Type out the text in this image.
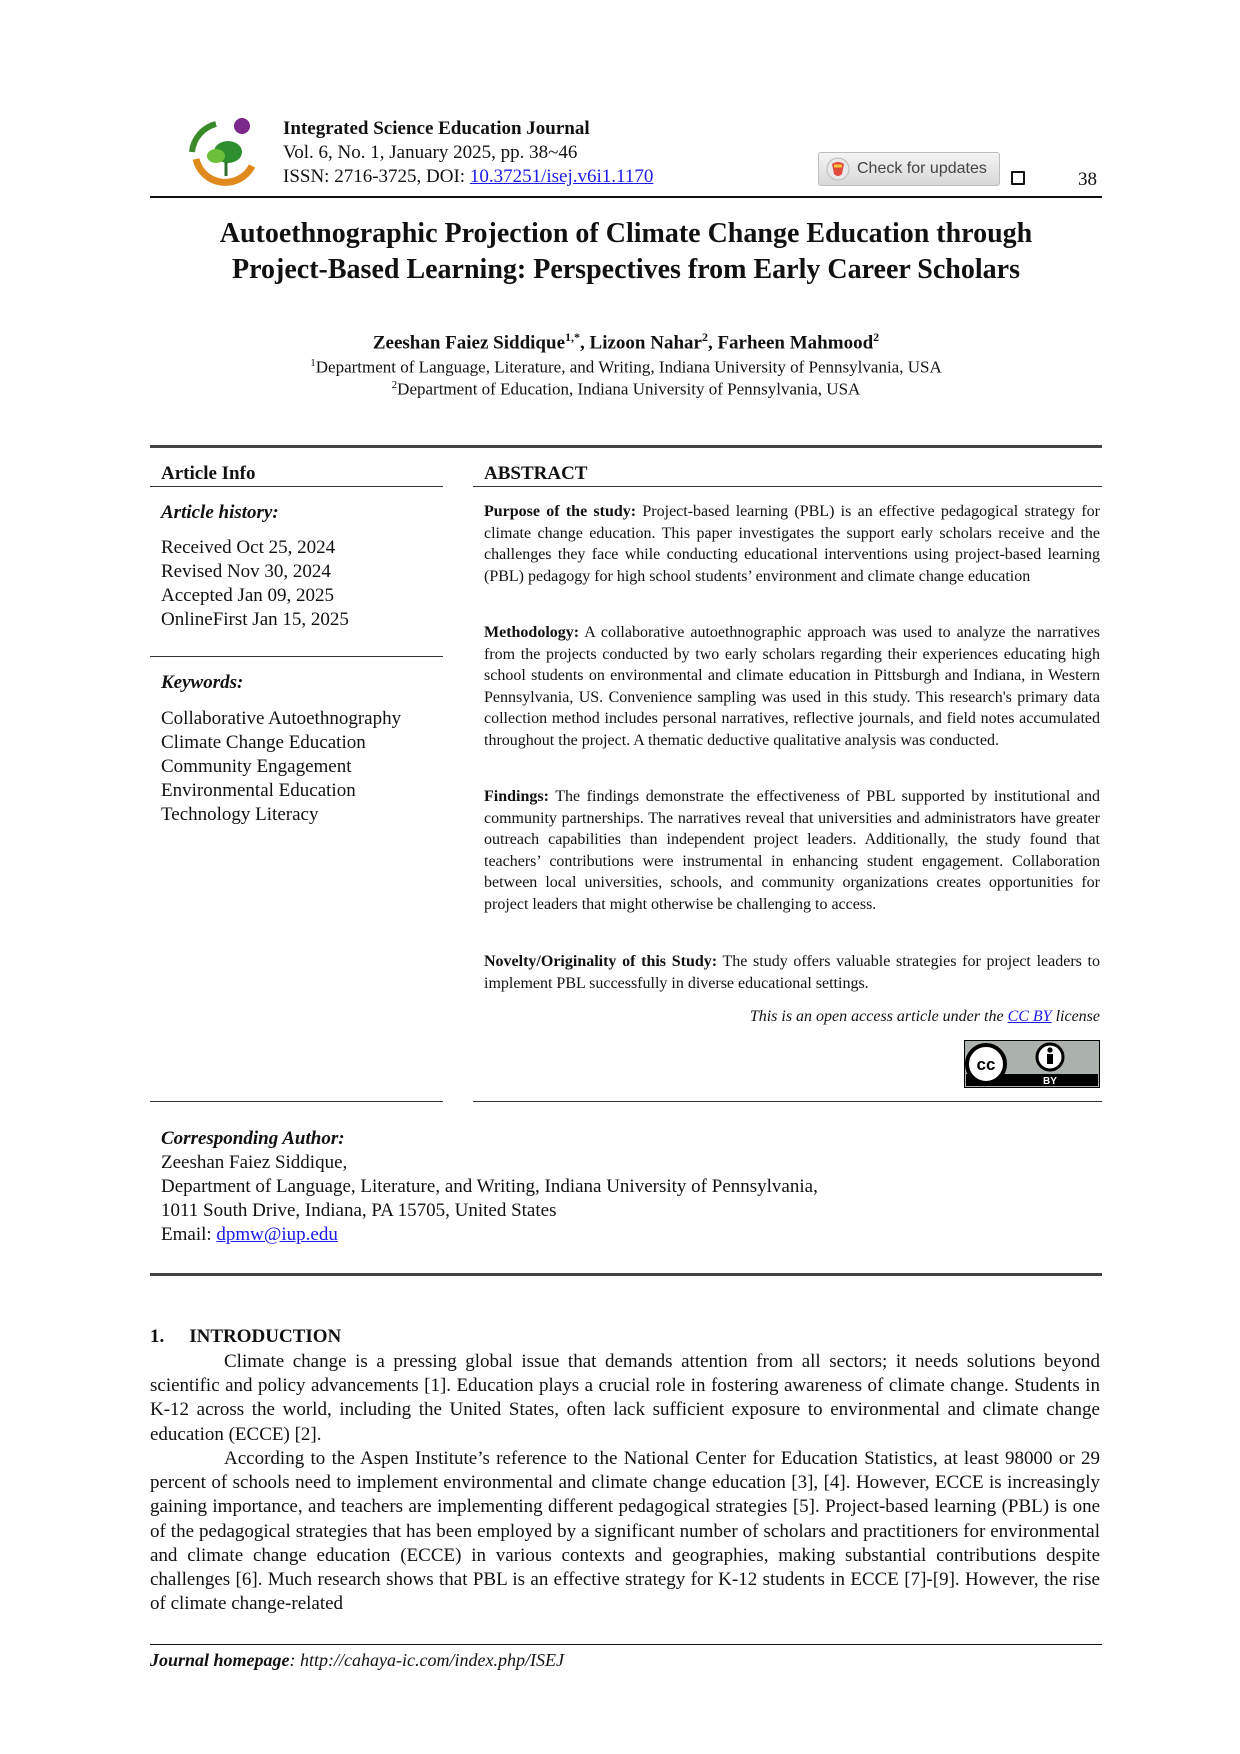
Integrated Science Education Journal
Vol. 6, No. 1, January 2025, pp. 38~46
ISSN: 2716-3725, DOI: 10.37251/isej.v6i1.1170	Check for updates
38
Autoethnographic Projection of Climate Change Education through
Project-Based Learning: Perspectives from Early Career Scholars
Zeeshan Faiez Siddique$^{1,*}$, Lizoon Nahar$^2$, Farheen Mahmood$^2$
$^1$Department of Language, Literature, and Writing, Indiana University of Pennsylvania, USA
$^2$Department of Education, Indiana University of Pennsylvania, USA
Article Info	ABSTRACT
Article history:
Received Oct 25, 2024
Revised Nov 30, 2024
Accepted Jan 09, 2025
OnlineFirst Jan 15, 2025
Keywords:
Collaborative Autoethnography
Climate Change Education
Community Engagement
Environmental Education
Technology Literacy
Purpose of the study: Project-based learning (PBL) is an effective pedagogical strategy for climate change education. This paper investigates the support early scholars receive and the challenges they face while conducting educational interventions using project-based learning (PBL) pedagogy for high school students’ environment and climate change education
Methodology: A collaborative autoethnographic approach was used to analyze the narratives from the projects conducted by two early scholars regarding their experiences educating high school students on environmental and climate education in Pittsburgh and Indiana, in Western Pennsylvania, US. Convenience sampling was used in this study. This research's primary data collection method includes personal narratives, reflective journals, and field notes accumulated throughout the project. A thematic deductive qualitative analysis was conducted.
Findings: The findings demonstrate the effectiveness of PBL supported by institutional and community partnerships. The narratives reveal that universities and administrators have greater outreach capabilities than independent project leaders. Additionally, the study found that teachers’ contributions were instrumental in enhancing student engagement. Collaboration between local universities, schools, and community organizations creates opportunities for project leaders that might otherwise be challenging to access.
Novelty/Originality of this Study: The study offers valuable strategies for project leaders to implement PBL successfully in diverse educational settings.
This is an open access article under the CC BY license
cc
BY
Corresponding Author:
Zeeshan Faiez Siddique,
Department of Language, Literature, and Writing, Indiana University of Pennsylvania,
1011 South Drive, Indiana, PA 15705, United States
Email: dpmw@iup.edu
1. INTRODUCTION
Climate change is a pressing global issue that demands attention from all sectors; it needs solutions beyond scientific and policy advancements [1]. Education plays a crucial role in fostering awareness of climate change. Students in K-12 across the world, including the United States, often lack sufficient exposure to environmental and climate change education (ECCE) [2].
According to the Aspen Institute’s reference to the National Center for Education Statistics, at least 98000 or 29 percent of schools need to implement environmental and climate change education [3], [4]. However, ECCE is increasingly gaining importance, and teachers are implementing different pedagogical strategies [5]. Project-based learning (PBL) is one of the pedagogical strategies that has been employed by a significant number of scholars and practitioners for environmental and climate change education (ECCE) in various contexts and geographies, making substantial contributions despite challenges [6]. Much research shows that PBL is an effective strategy for K-12 students in ECCE [7]-[9]. However, the rise of climate change-related
Journal homepage: http://cahaya-ic.com/index.php/ISEJ
